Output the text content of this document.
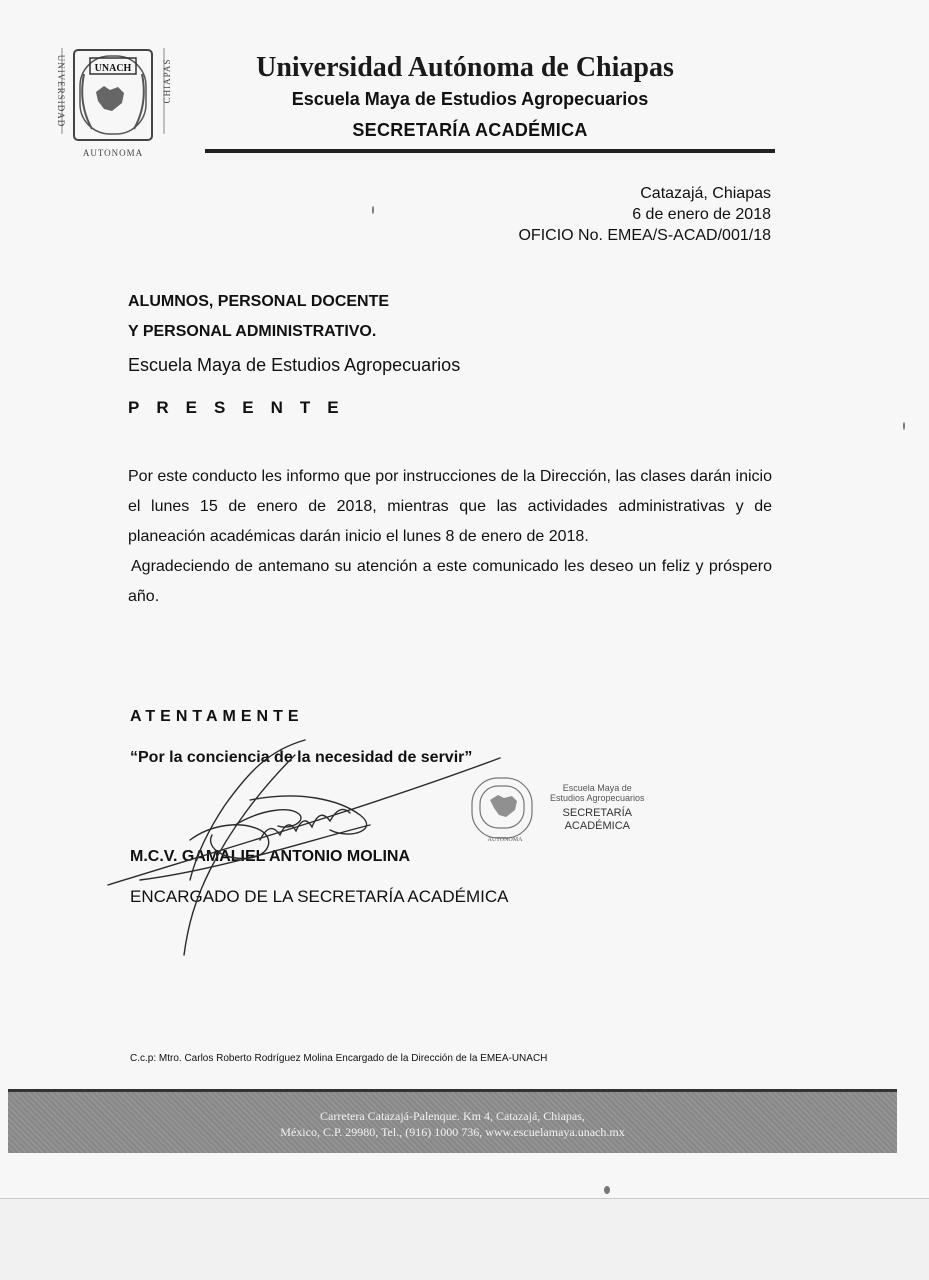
UNACH
UNIVERSIDAD	CHIAPAS
AUTONOMA
Universidad Autónoma de Chiapas
Escuela Maya de Estudios Agropecuarios
SECRETARÍA ACADÉMICA
Catazajá, Chiapas
6 de enero de 2018
OFICIO No. EMEA/S-ACAD/001/18
ALUMNOS, PERSONAL DOCENTE
Y PERSONAL ADMINISTRATIVO.
Escuela Maya de Estudios Agropecuarios
PRESENTE

Por este conducto les informo que por instrucciones de la Dirección, las clases darán inicio el lunes 15 de enero de 2018, mientras que las actividades administrativas y de planeación académicas darán inicio el lunes 8 de enero de 2018.

Agradeciendo de antemano su atención a este comunicado les deseo un feliz y próspero año.

ATENTAMENTE
“Por la conciencia de la necesidad de servir”
M.C.V. GAMALIEL ANTONIO MOLINA
ENCARGADO DE LA SECRETARÍA ACADÉMICA
AUTONOMA
Escuela Maya de
Estudios Agropecuarios
SECRETARÍA
ACADÉMICA
C.c.p: Mtro. Carlos Roberto Rodríguez Molina Encargado de la Dirección de la EMEA-UNACH
Carretera Catazajá-Palenque. Km 4, Catazajá, Chiapas,
México, C.P. 29980, Tel., (916) 1000 736, www.escuelamaya.unach.mx
